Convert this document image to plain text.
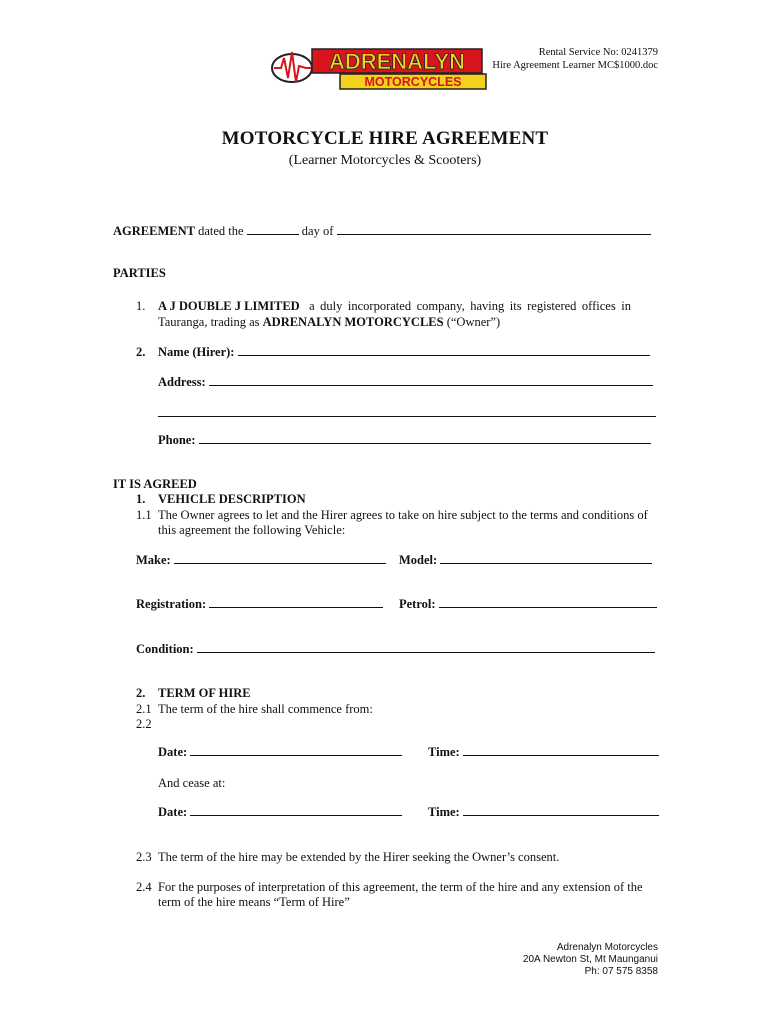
ADRENALYN
MOTORCYCLES
Rental Service No: 0241379
Hire Agreement Learner MC$1000.doc
MOTORCYCLE HIRE AGREEMENT
(Learner Motorcycles & Scooters)
AGREEMENT dated the	day of
PARTIES
1. A J DOUBLE J LIMITED a duly incorporated company, having its registered offices in
Tauranga, trading as ADRENALYN MOTORCYCLES (“Owner”)
2. Name (Hirer):
Address:
Phone:
IT IS AGREED
1. VEHICLE DESCRIPTION
1.1 The Owner agrees to let and the Hirer agrees to take on hire subject to the terms and conditions of
this agreement the following Vehicle:
Make:	Model:
Registration:	Petrol:
Condition:
2. TERM OF HIRE
2.1 The term of the hire shall commence from:
2.2
Date:	Time:
And cease at:
Date:	Time:
2.3 The term of the hire may be extended by the Hirer seeking the Owner’s consent.
2.4 For the purposes of interpretation of this agreement, the term of the hire and any extension of the
term of the hire means “Term of Hire”
Adrenalyn Motorcycles
20A Newton St, Mt Maunganui
Ph: 07 575 8358
